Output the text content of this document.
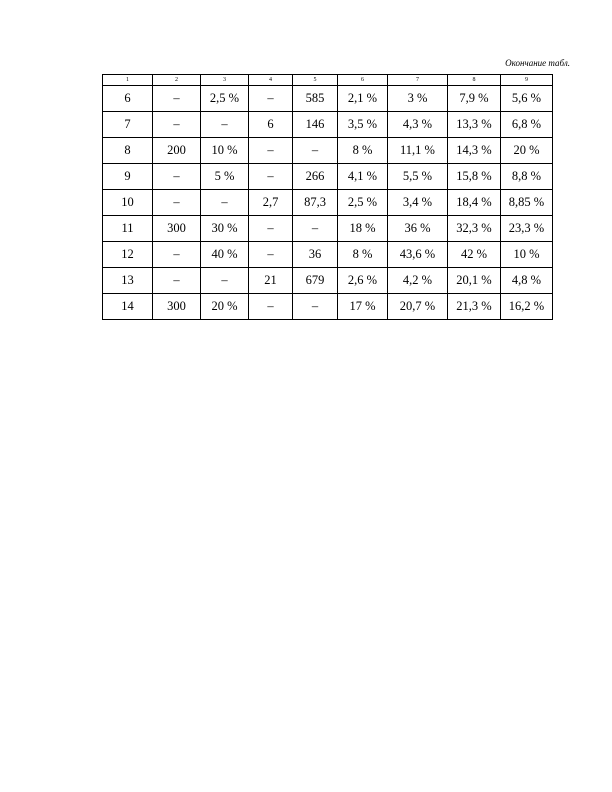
Окончание табл.
1	2	3	4	5	6	7	8	9
6	–	2,5 %	–	585	2,1 %	3 %	7,9 %	5,6 %
7	–	–	6	146	3,5 %	4,3 %	13,3 %	6,8 %
8	200	10 %	–	–	8 %	11,1 %	14,3 %	20 %
9	–	5 %	–	266	4,1 %	5,5 %	15,8 %	8,8 %
10	–	–	2,7	87,3	2,5 %	3,4 %	18,4 %	8,85 %
11	300	30 %	–	–	18 %	36 %	32,3 %	23,3 %
12	–	40 %	–	36	8 %	43,6 %	42 %	10 %
13	–	–	21	679	2,6 %	4,2 %	20,1 %	4,8 %
14	300	20 %	–	–	17 %	20,7 %	21,3 %	16,2 %
